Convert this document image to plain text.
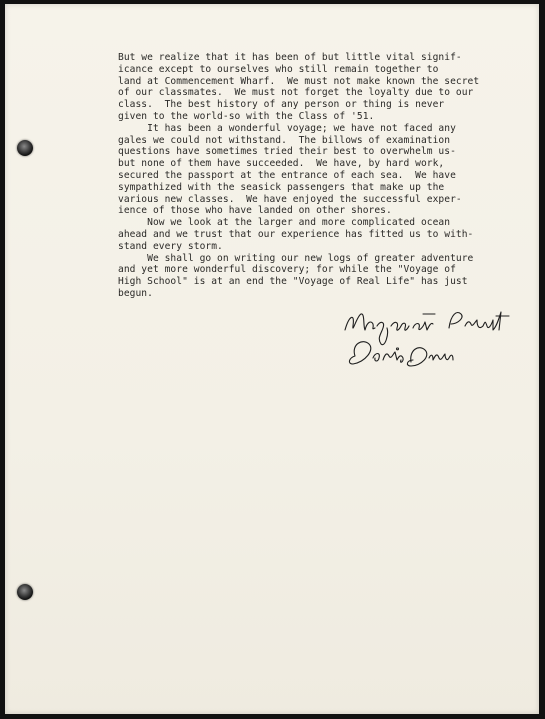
But we realize that it has been of but little vital signif-
icance except to ourselves who still remain together to
land at Commencement Wharf.  We must not make known the secret
of our classmates.  We must not forget the loyalty due to our
class.  The best history of any person or thing is never
given to the world-so with the Class of '51.
It has been a wonderful voyage; we have not faced any
gales we could not withstand.  The billows of examination
questions have sometimes tried their best to overwhelm us-
but none of them have succeeded.  We have, by hard work,
secured the passport at the entrance of each sea.  We have
sympathized with the seasick passengers that make up the
various new classes.  We have enjoyed the successful exper-
ience of those who have landed on other shores.
Now we look at the larger and more complicated ocean
ahead and we trust that our experience has fitted us to with-
stand every storm.
We shall go on writing our new logs of greater adventure
and yet more wonderful discovery; for while the "Voyage of
High School" is at an end the "Voyage of Real Life" has just
begun.
